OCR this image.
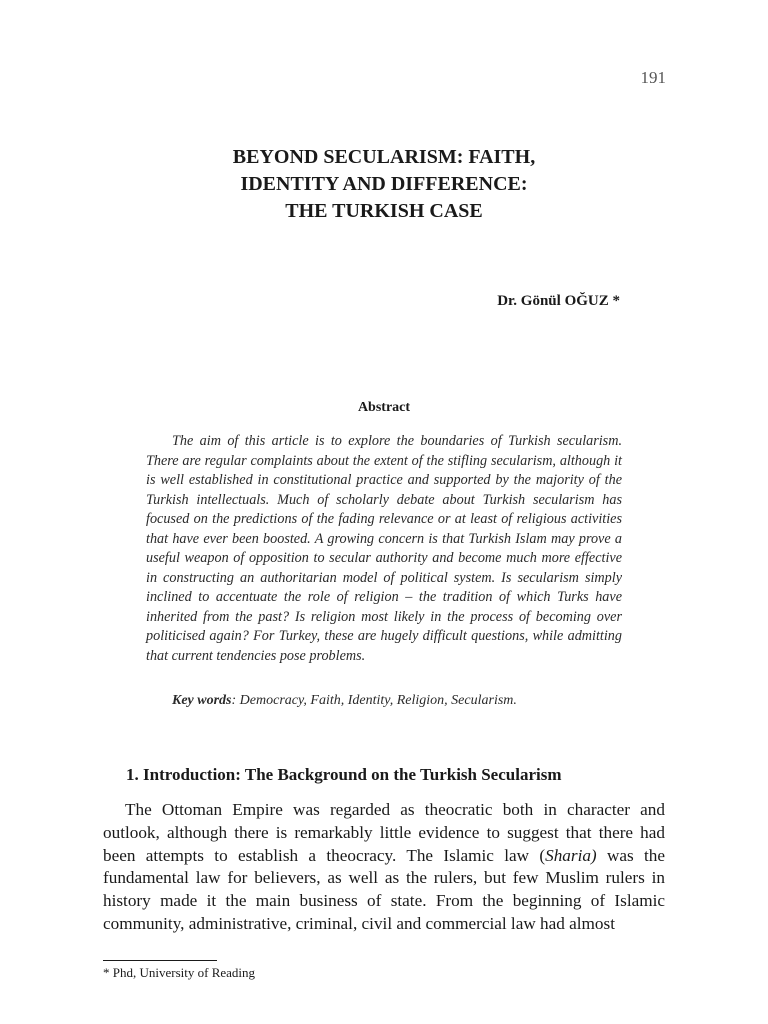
191
BEYOND SECULARISM: FAITH,
IDENTITY AND DIFFERENCE:
THE TURKISH CASE
Dr. Gönül OĞUZ *
Abstract

The aim of this article is to explore the boundaries of Turkish secularism. There are regular complaints about the extent of the stifling secularism, although it is well established in constitutional practice and supported by the majority of the Turkish intellectuals. Much of scholarly debate about Turkish secularism has focused on the predictions of the fading relevance or at least of religious activities that have ever been boosted. A growing concern is that Turkish Islam may prove a useful weapon of opposition to secular authority and become much more effective in constructing an authoritarian model of political system. Is secularism simply inclined to accentuate the role of religion – the tradition of which Turks have inherited from the past? Is religion most likely in the process of becoming over politicised again? For Turkey, these are hugely difficult questions, while admitting that current tendencies pose problems.

Key words: Democracy, Faith, Identity, Religion, Secularism.
1. Introduction: The Background on the Turkish Secularism

The Ottoman Empire was regarded as theocratic both in character and outlook, although there is remarkably little evidence to suggest that there had been attempts to establish a theocracy. The Islamic law (Sharia) was the fundamental law for believers, as well as the rulers, but few Muslim rulers in history made it the main business of state. From the beginning of Islamic community, administrative, criminal, civil and commercial law had almost

* Phd, University of Reading
